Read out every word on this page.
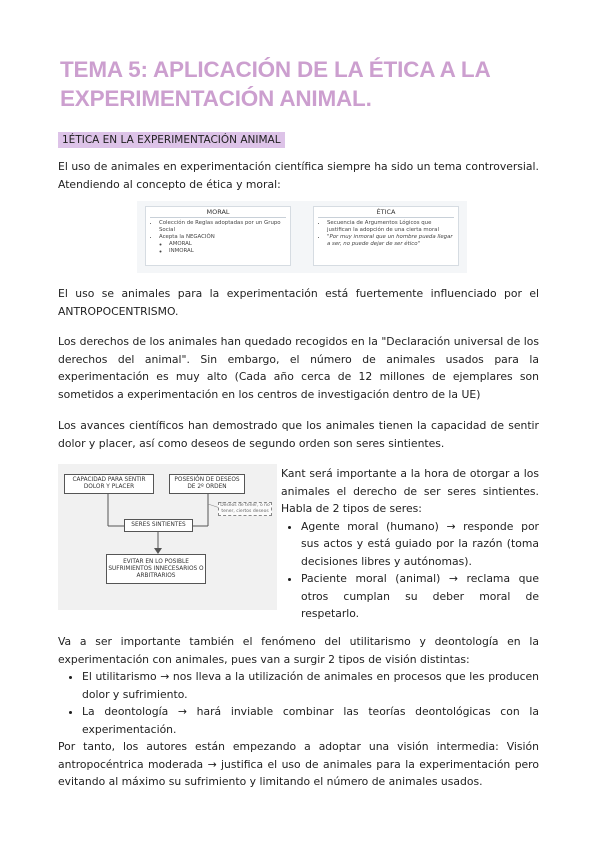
TEMA 5: APLICACIÓN DE LA ÉTICA A LA EXPERIMENTACIÓN ANIMAL.
1ÉTICA EN LA EXPERIMENTACIÓN ANIMAL

El uso de animales en experimentación científica siempre ha sido un tema controversial. Atendiendo al concepto de ética y moral:

MORAL
• Colección de Reglas adoptadas por un Grupo Social
• Acepta la NEGACIÓN
◦ AMORAL
◦ INMORAL
ÉTICA
• Secuencia de Argumentos Lógicos que justifican la adopción de una cierta moral
• "Por muy inmoral que un hombre pueda llegar a ser, no puede dejar de ser ético"

El uso se animales para la experimentación está fuertemente influenciado por el ANTROPOCENTRISMO.

Los derechos de los animales han quedado recogidos en la "Declaración universal de los derechos del animal". Sin embargo, el número de animales usados para la experimentación es muy alto (Cada año cerca de 12 millones de ejemplares son sometidos a experimentación en los centros de investigación dentro de la UE)

Los avances científicos han demostrado que los animales tienen la capacidad de sentir dolor y placer, así como deseos de segundo orden son seres sintientes.

CAPACIDAD PARA SENTIR DOLOR Y PLACER
POSESIÓN DE DESEOS DE 2º ORDEN
Deseos de tener, o no tener, ciertos deseos
SERES SINTIENTES
EVITAR EN LO POSIBLE SUFRIMIENTOS INNECESARIOS O ARBITRARIOS

Kant será importante a la hora de otorgar a los animales el derecho de ser seres sintientes. Habla de 2 tipos de seres:

• Agente moral (humano) → responde por sus actos y está guiado por la razón (toma decisiones libres y autónomas).
• Paciente moral (animal) → reclama que otros cumplan su deber moral de respetarlo.

Va a ser importante también el fenómeno del utilitarismo y deontología en la experimentación con animales, pues van a surgir 2 tipos de visión distintas:

• El utilitarismo → nos lleva a la utilización de animales en procesos que les producen dolor y sufrimiento.
• La deontología → hará inviable combinar las teorías deontológicas con la experimentación.

Por tanto, los autores están empezando a adoptar una visión intermedia: Visión antropocéntrica moderada → justifica el uso de animales para la experimentación pero evitando al máximo su sufrimiento y limitando el número de animales usados.
